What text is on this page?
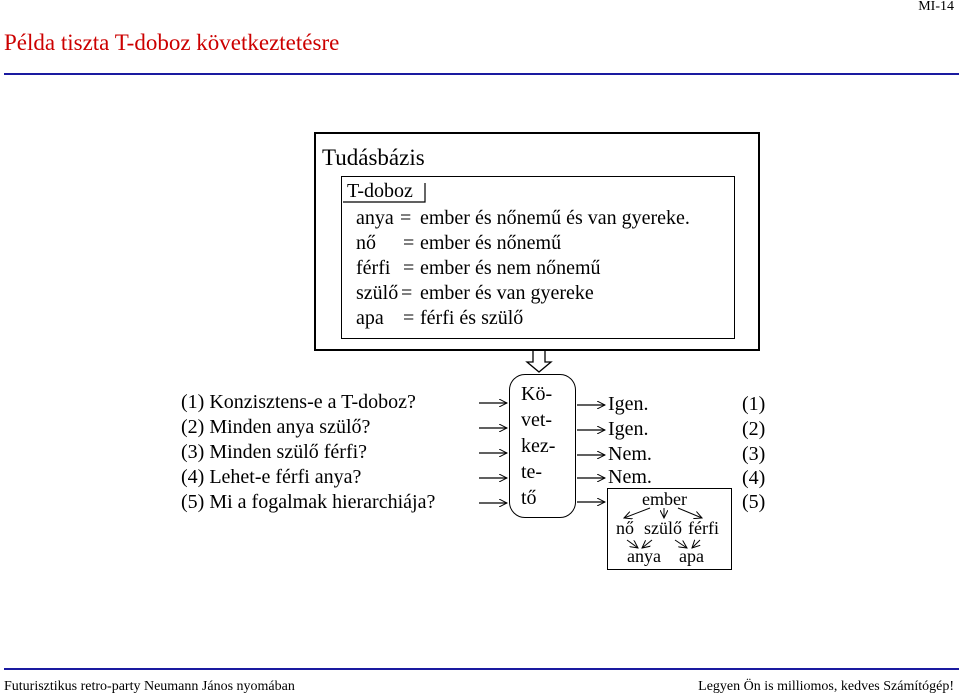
Példa tiszta T-doboz következtetésre
MI-14
Tudásbázis
T-doboz
anya = ember és nőnemű és van gyereke.
nő = ember és nőnemű
férfi = ember és nem nőnemű
szülő = ember és van gyereke
apa = férfi és szülő
(1) Konzisztens-e a T-doboz?
(2) Minden anya szülő?
(3) Minden szülő férfi?
(4) Lehet-e férfi anya?
(5) Mi a fogalmak hierarchiája?
Kö-
vet-
kez-
te-
tő
Igen.
Igen.
Nem.
Nem.
(1)
(2)
(3)
(4)
(5)
ember
nő szülő férfi
anya apa
Futurisztikus retro-party Neumann János nyomában	Legyen Ön is milliomos, kedves Számítógép!
